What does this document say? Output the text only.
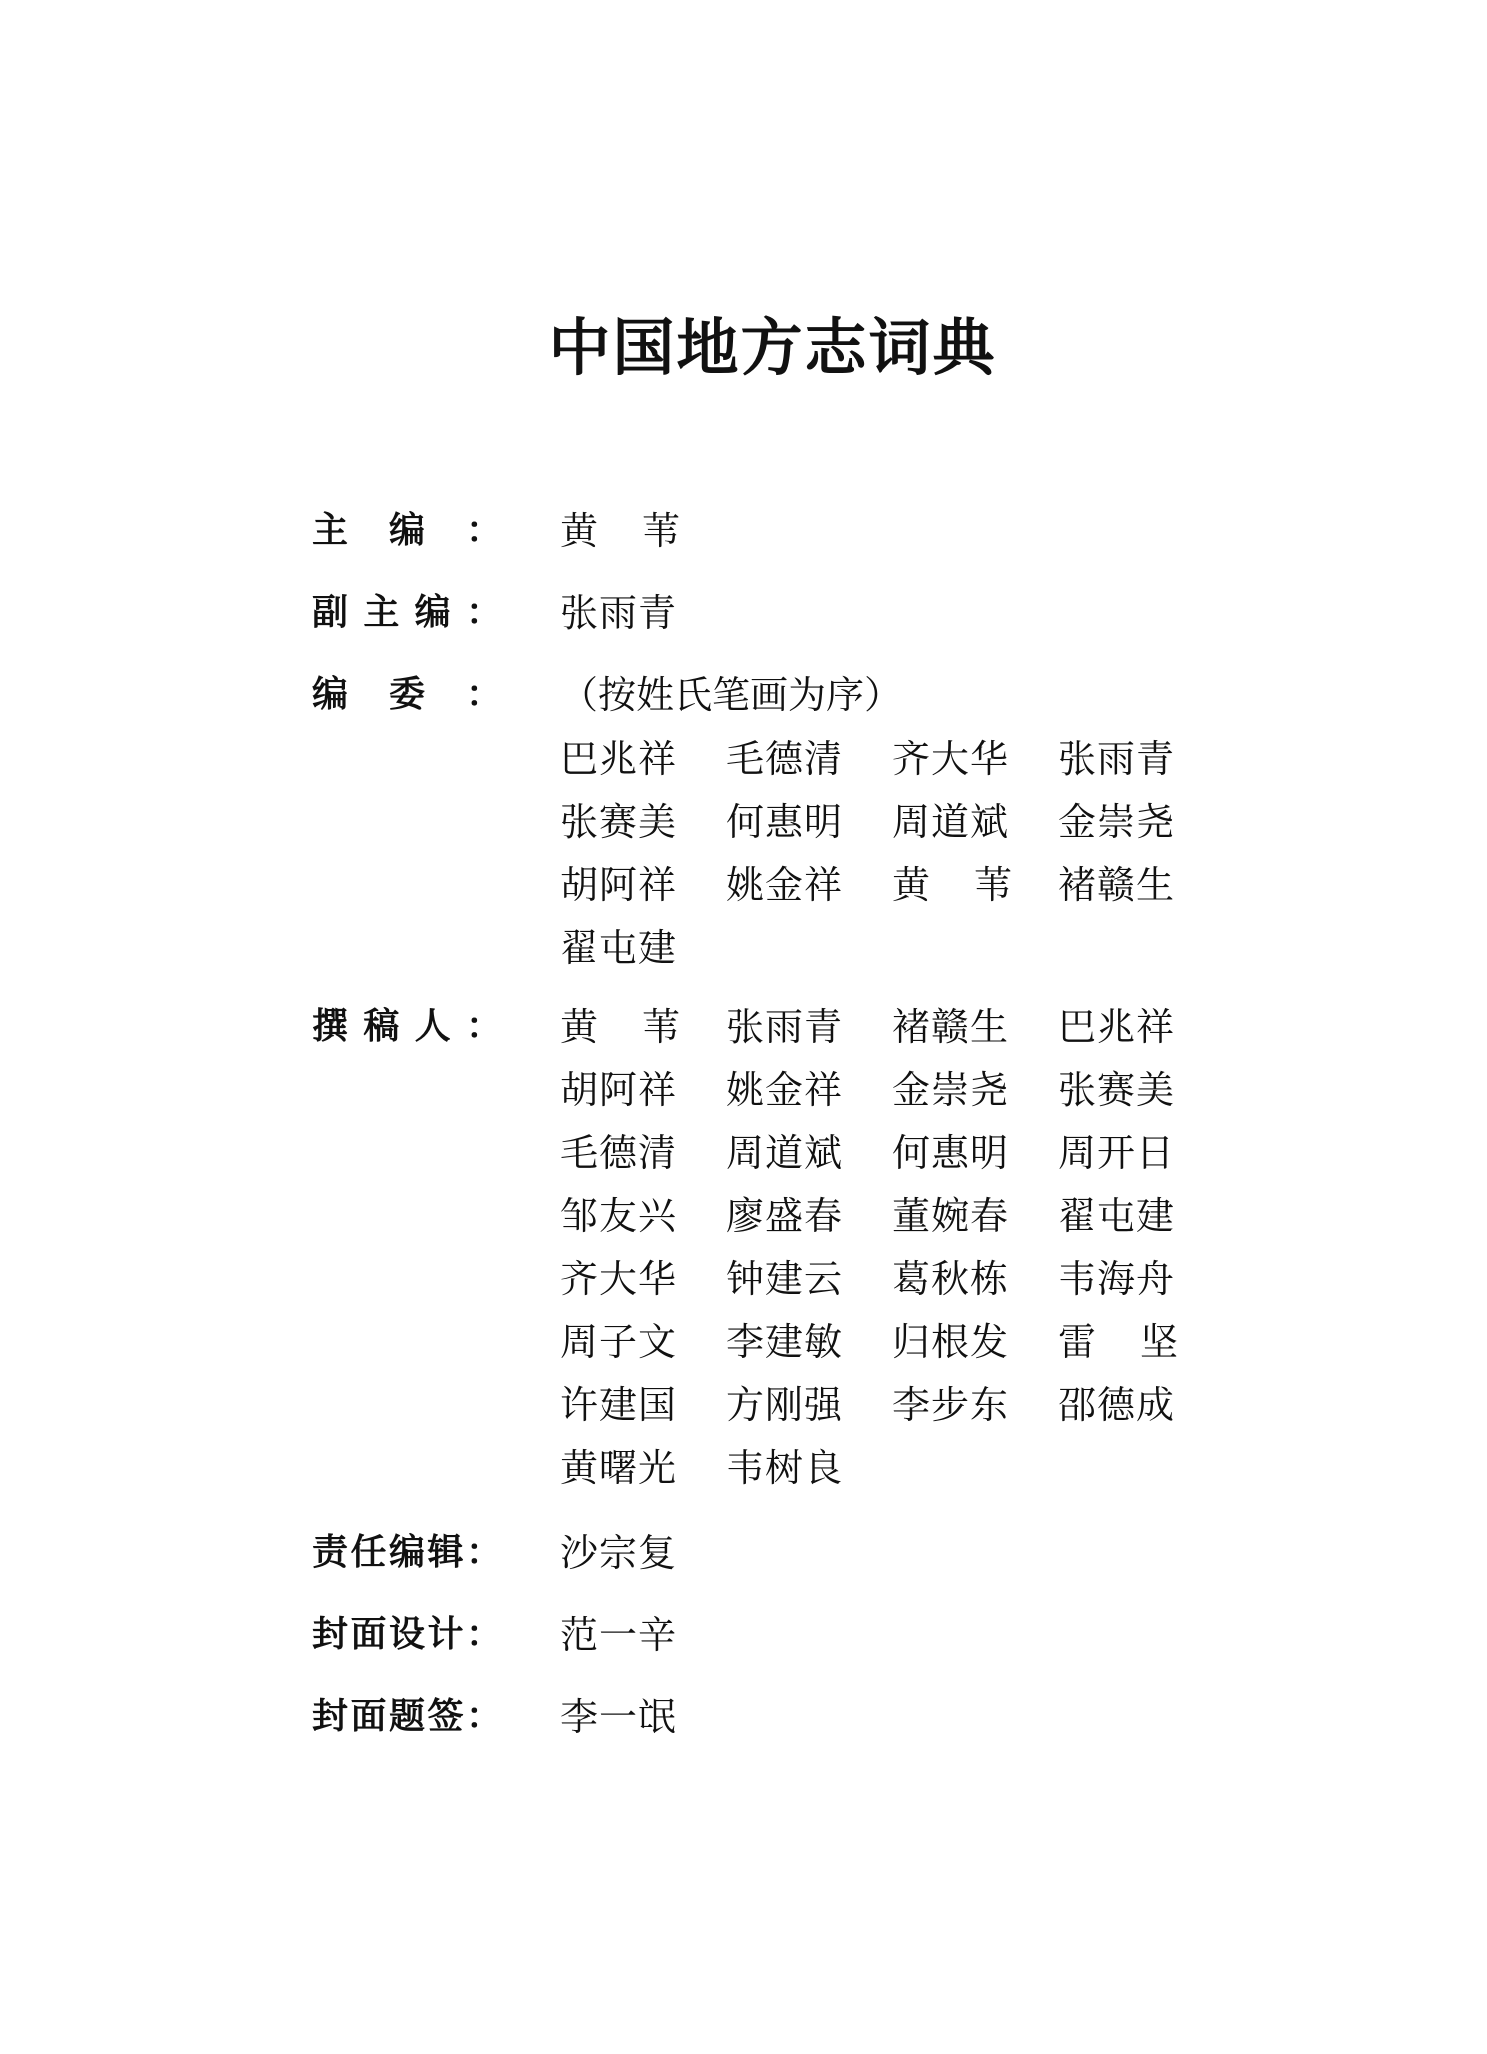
中国地方志词典
主 编 ： 黄苇
副 主 编 ： 张雨青
编 委 ： （按姓氏笔画为序）
巴兆祥	毛德清	齐大华	张雨青
张赛美	何惠明	周道斌	金崇尧
胡阿祥	姚金祥	黄苇 褚赣生
翟屯建
撰 稿 人 ： 黄苇 张雨青	褚赣生	巴兆祥
胡阿祥	姚金祥	金崇尧	张赛美
毛德清	周道斌	何惠明	周开日
邹友兴	廖盛春	董婉春	翟屯建
齐大华	钟建云	葛秋栋	韦海舟
周子文	李建敏	归根发	雷坚
许建国	方刚强	李步东	邵德成
黄曙光	韦树良
责 任 编 辑 ： 沙宗复
封 面 设 计 ： 范一辛
封 面 题 签 ： 李一氓
